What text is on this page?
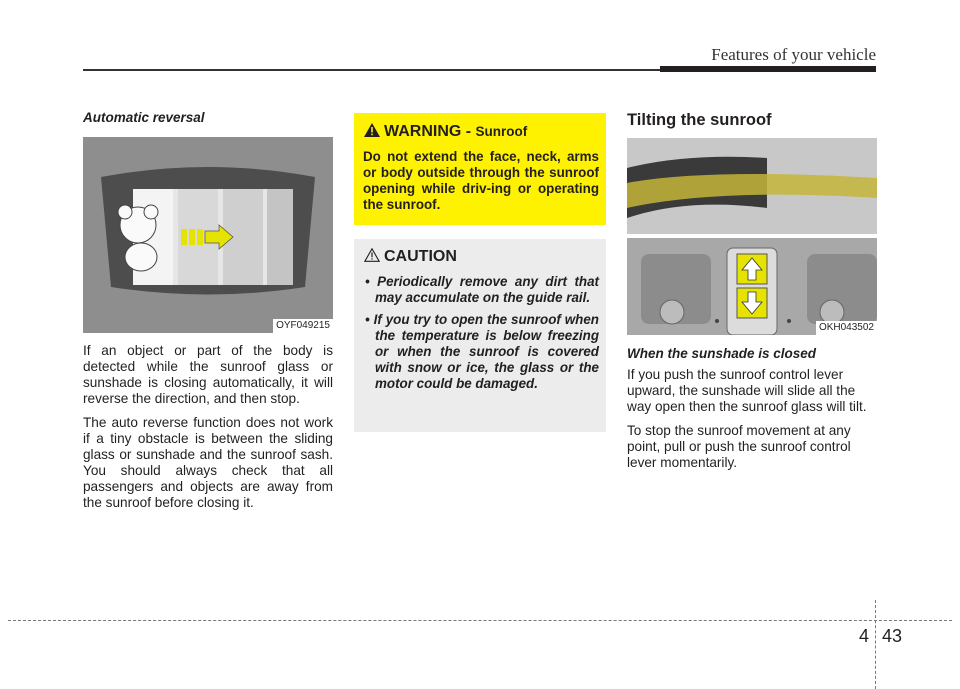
Features of your vehicle

Automatic reversal

OYF049215

If an object or part of the body is detected while the sunroof glass or sunshade is closing automatically, it will reverse the direction, and then stop.

The auto reverse function does not work if a tiny obstacle is between the sliding glass or sunshade and the sunroof sash. You should always check that all passengers and objects are away from the sunroof before closing it.

WARNING - Sunroof
Do not extend the face, neck, arms or body outside through the sunroof opening while driv-ing or operating the sunroof.
CAUTION
• Periodically remove any dirt that may accumulate on the guide rail.
• If you try to open the sunroof when the temperature is below freezing or when the sunroof is covered with snow or ice, the glass or the motor could be damaged.

Tilting the sunroof

OKH043502

When the sunshade is closed

If you push the sunroof control lever upward, the sunshade will slide all the way open then the sunroof glass will tilt.

To stop the sunroof movement at any point, pull or push the sunroof control lever momentarily.

4 43
